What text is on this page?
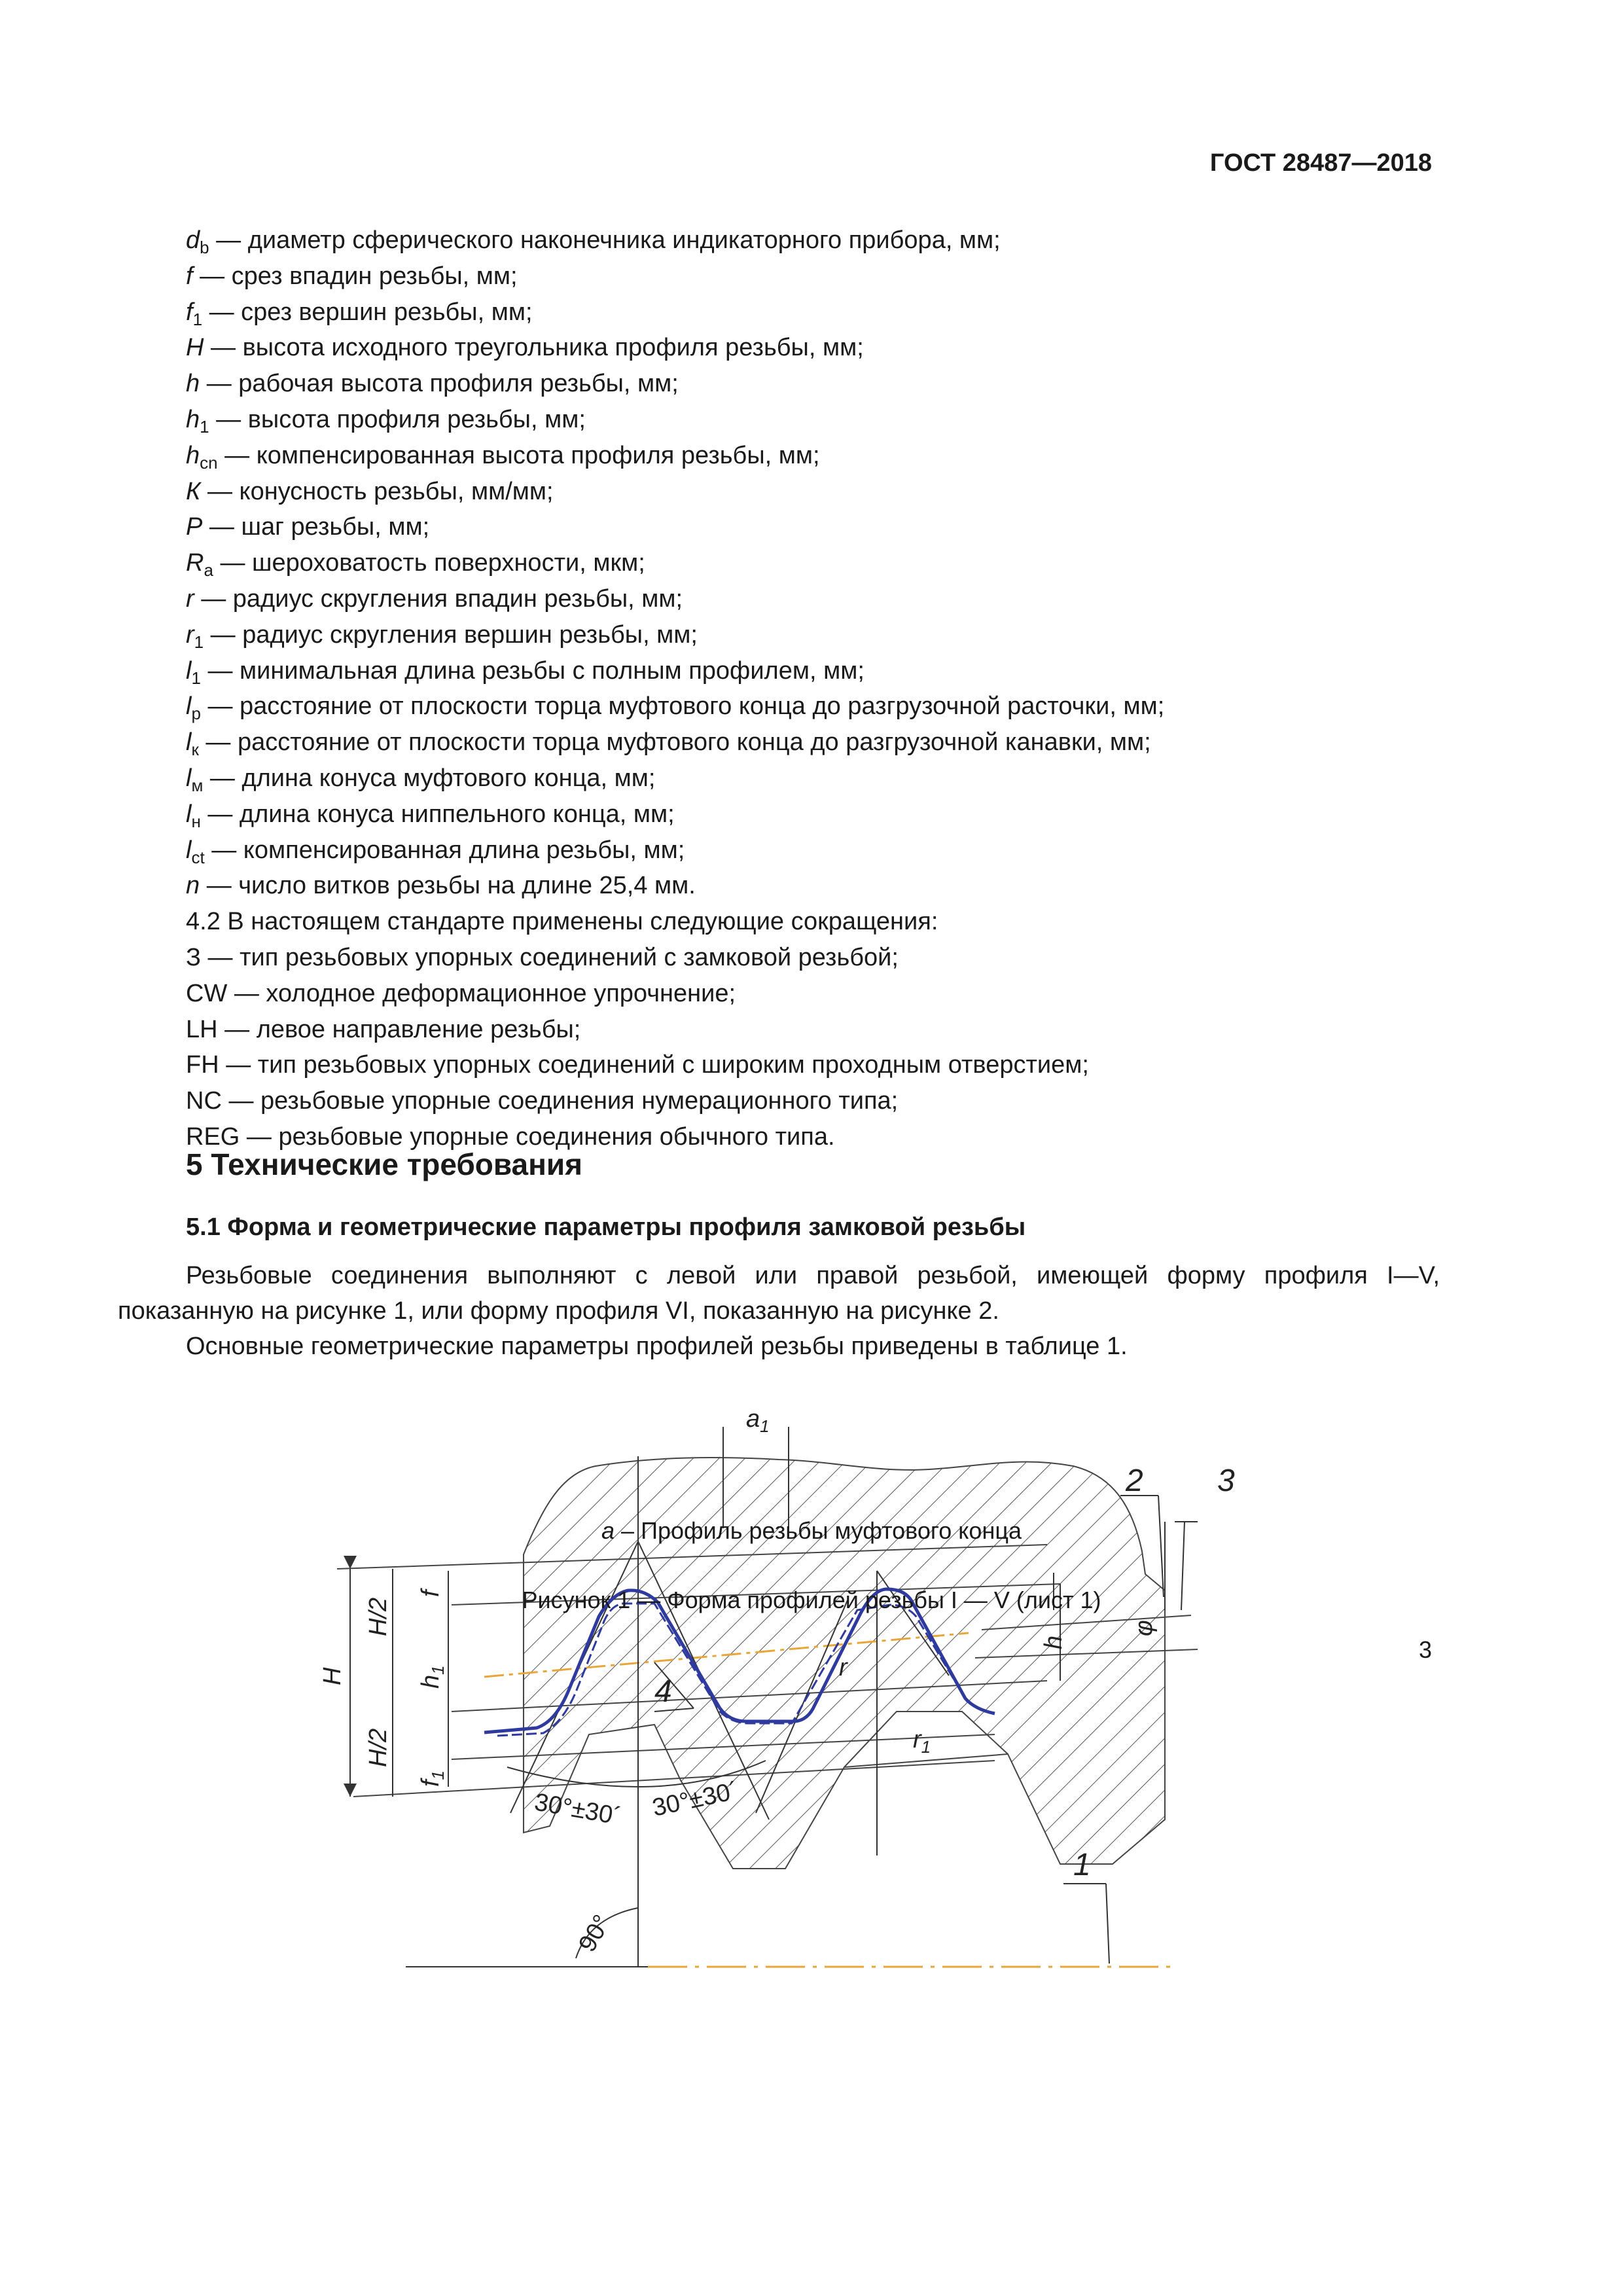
ГОСТ 28487—2018
$d_b$ — диаметр сферического наконечника индикаторного прибора, мм;
f — срез впадин резьбы, мм;
$f_1$ — срез вершин резьбы, мм;
H — высота исходного треугольника профиля резьбы, мм;
h — рабочая высота профиля резьбы, мм;
$h_1$ — высота профиля резьбы, мм;
$h_{cn}$ — компенсированная высота профиля резьбы, мм;
К — конусность резьбы, мм/мм;
P — шаг резьбы, мм;
$R_a$ — шероховатость поверхности, мкм;
r — радиус скругления впадин резьбы, мм;
$r_1$ — радиус скругления вершин резьбы, мм;
$l_1$ — минимальная длина резьбы с полным профилем, мм;
$l_p$ — расстояние от плоскости торца муфтового конца до разгрузочной расточки, мм;
$l_к$ — расстояние от плоскости торца муфтового конца до разгрузочной канавки, мм;
$l_м$ — длина конуса муфтового конца, мм;
$l_н$ — длина конуса ниппельного конца, мм;
$l_{ct}$ — компенсированная длина резьбы, мм;
n — число витков резьбы на длине 25,4 мм.
4.2 В настоящем стандарте применены следующие сокращения:
З — тип резьбовых упорных соединений с замковой резьбой;
CW — холодное деформационное упрочнение;
LH — левое направление резьбы;
FH — тип резьбовых упорных соединений с широким проходным отверстием;
NC — резьбовые упорные соединения нумерационного типа;
REG — резьбовые упорные соединения обычного типа.
5 Технические требования
5.1 Форма и геометрические параметры профиля замковой резьбы

Резьбовые соединения выполняют с левой или правой резьбой, имеющей форму профиля I—V, показанную на рисунке 1, или форму профиля VI, показанную на рисунке 2.

Основные геометрические параметры профилей резьбы приведены в таблице 1.

$a_1$
2 3
1
4
r
$r_1$
h
φ
H
H/2
H/2
f
$h_1$
$f_1$
30°±30´ 30°±30´
90°
а – Профиль резьбы муфтового конца
Рисунок 1 — Форма профилей резьбы I — V (лист 1)
3
